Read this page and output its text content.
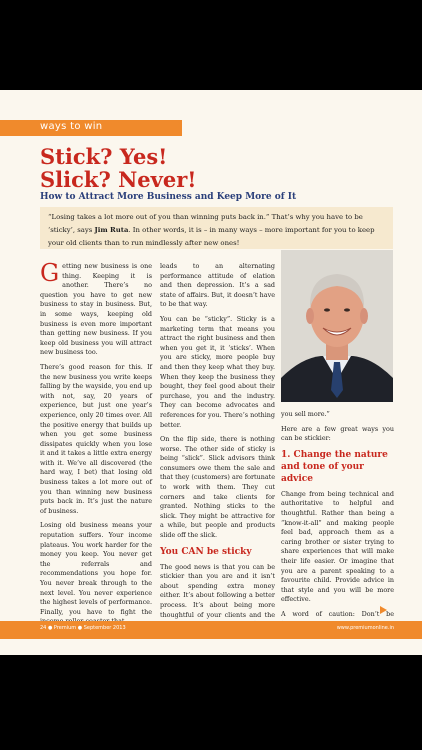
ways to win
Stick? Yes!
Slick? Never!
How to Attract More Business and Keep More of It
“Losing takes a lot more out of you than winning puts back in.” That’s why you have to be ‘sticky’, says Jim Ruta. In other words, it is – in many ways – more important for you to keep your old clients than to run mindlessly after new ones!

Getting new business is one thing. Keeping it is another. There’s no question you have to get new business to stay in business. But, in some ways, keeping old business is even more important than getting new business. If you keep old business you will attract new business too.

There’s good reason for this. If the new business you write keeps falling by the wayside, you end up with not, say, 20 years of experience, but just one year’s experience, only 20 times over. All the positive energy that builds up when you get some business dissipates quickly when you lose it and it takes a little extra energy with it. We’ve all discovered (the hard way, I bet) that losing old business takes a lot more out of you than winning new business puts back in. It’s just the nature of business.

Losing old business means your reputation suffers. Your income plateaus. You work harder for the money you keep. You never get the referrals and recommendations you hope for. You never break through to the next level. You never experience the highest levels of performance. Finally, you have to fight the

leads to an alternating performance attitude of elation and then depression. It’s a sad state of affairs. But, it doesn’t have to be that way.

You can be “sticky”. Sticky is a marketing term that means you attract the right business and then when you get it, it ‘sticks’. When you are sticky, more people buy and then they keep what they buy. When they keep the business they bought, they feel good about their purchase, you and the industry. They can become advocates and references for you. There’s nothing better.

On the flip side, there is nothing worse. The other side of sticky is being “slick”. Slick advisors think consumers owe them the sale and that they (customers) are fortunate to work with them. They cut corners and take clients for granted. Nothing sticks to the slick. They might be attractive for a while, but people and products slide off the slick.

You CAN be sticky

The good news is that you can be stickier than you are and it isn’t about spending extra money either. It’s about following a better process. It’s about being more thoughtful of your clients and the

you sell more.”

Here are a few great ways you can be stickier:

1. Change the nature and tone of your advice

Change from being technical and authoritative to helpful and thoughtful. Rather than being a “know-it-all” and making people feel bad, approach them as a caring brother or sister trying to share experiences that will make their life easier. Or imagine that you are a parent speaking to a favourite child. Provide advice in that style and you will be more effective.

A word of caution: Don’t be

24 ● Premium ● September 2013	www.premiumonline.in
